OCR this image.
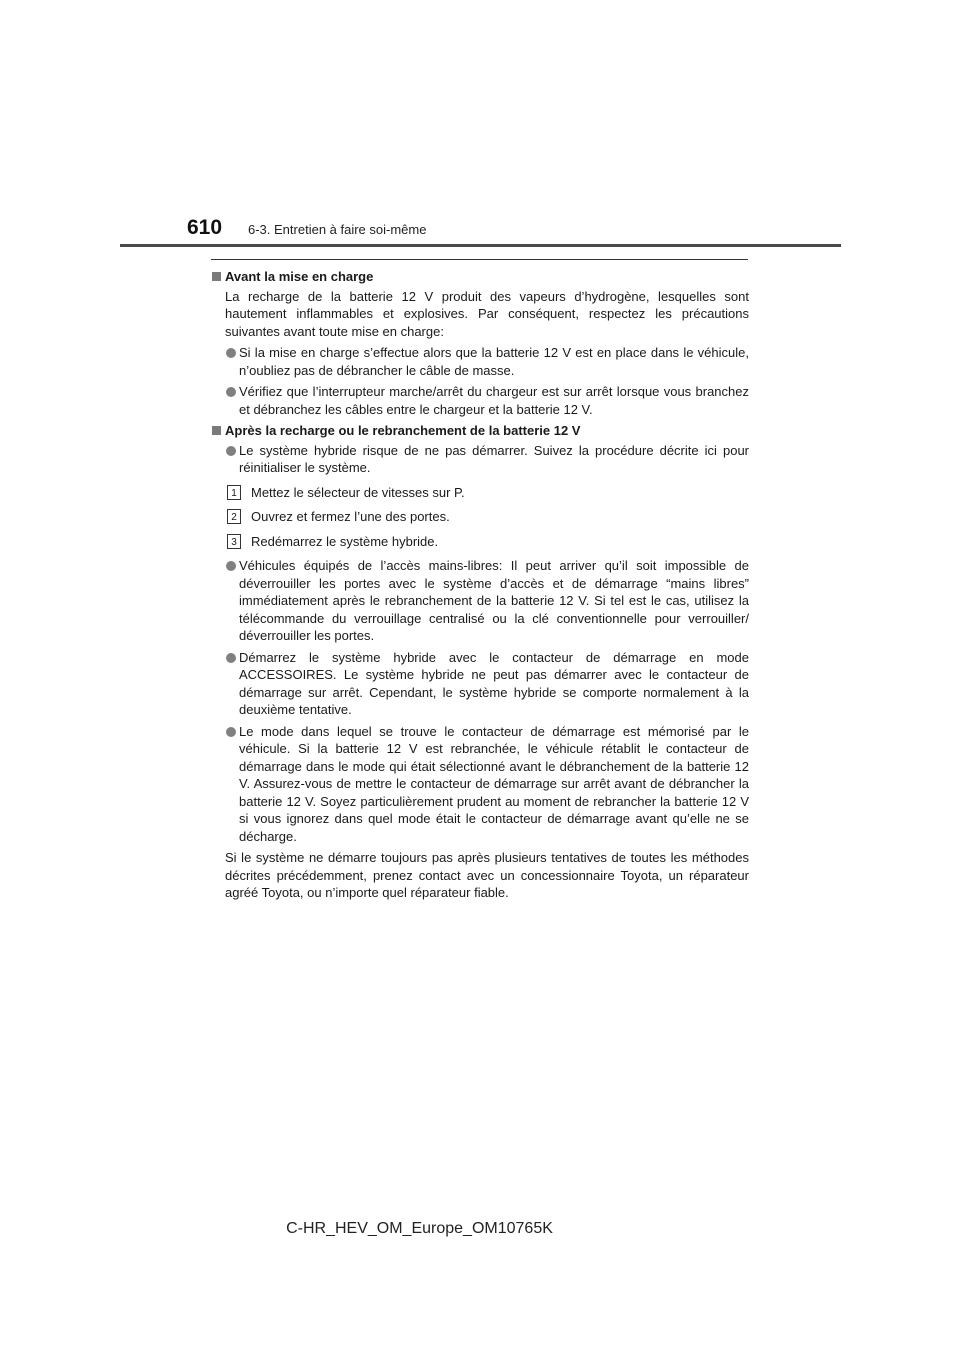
610 6-3. Entretien à faire soi-même
Avant la mise en charge
La recharge de la batterie 12 V produit des vapeurs d’hydrogène, lesquelles sont hautement inflammables et explosives. Par conséquent, respectez les précautions suivantes avant toute mise en charge:
Si la mise en charge s’effectue alors que la batterie 12 V est en place dans le véhicule, n’oubliez pas de débrancher le câble de masse.
Vérifiez que l’interrupteur marche/arrêt du chargeur est sur arrêt lorsque vous branchez et débranchez les câbles entre le chargeur et la batterie 12 V.
Après la recharge ou le rebranchement de la batterie 12 V
Le système hybride risque de ne pas démarrer. Suivez la procédure décrite ici pour réinitialiser le système.
1	Mettez le sélecteur de vitesses sur P.
2	Ouvrez et fermez l’une des portes.
3	Redémarrez le système hybride.
Véhicules équipés de l’accès mains-libres: Il peut arriver qu’il soit impossible de déverrouiller les portes avec le système d’accès et de démarrage “mains libres” immédiatement après le rebranchement de la batterie 12 V. Si tel est le cas, utilisez la télécommande du verrouillage centralisé ou la clé conventionnelle pour verrouiller/ déverrouiller les portes.
Démarrez le système hybride avec le contacteur de démarrage en mode ACCESSOIRES. Le système hybride ne peut pas démarrer avec le contacteur de démarrage sur arrêt. Cependant, le système hybride se comporte normalement à la deuxième tentative.
Le mode dans lequel se trouve le contacteur de démarrage est mémorisé par le véhicule. Si la batterie 12 V est rebranchée, le véhicule rétablit le contacteur de démarrage dans le mode qui était sélectionné avant le débranchement de la batterie 12 V. Assurez-vous de mettre le contacteur de démarrage sur arrêt avant de débrancher la batterie 12 V. Soyez particulièrement prudent au moment de rebrancher la batterie 12 V si vous ignorez dans quel mode était le contacteur de démarrage avant qu’elle ne se décharge.
Si le système ne démarre toujours pas après plusieurs tentatives de toutes les méthodes décrites précédemment, prenez contact avec un concessionnaire Toyota, un réparateur agréé Toyota, ou n’importe quel réparateur fiable.
C-HR_HEV_OM_Europe_OM10765K
